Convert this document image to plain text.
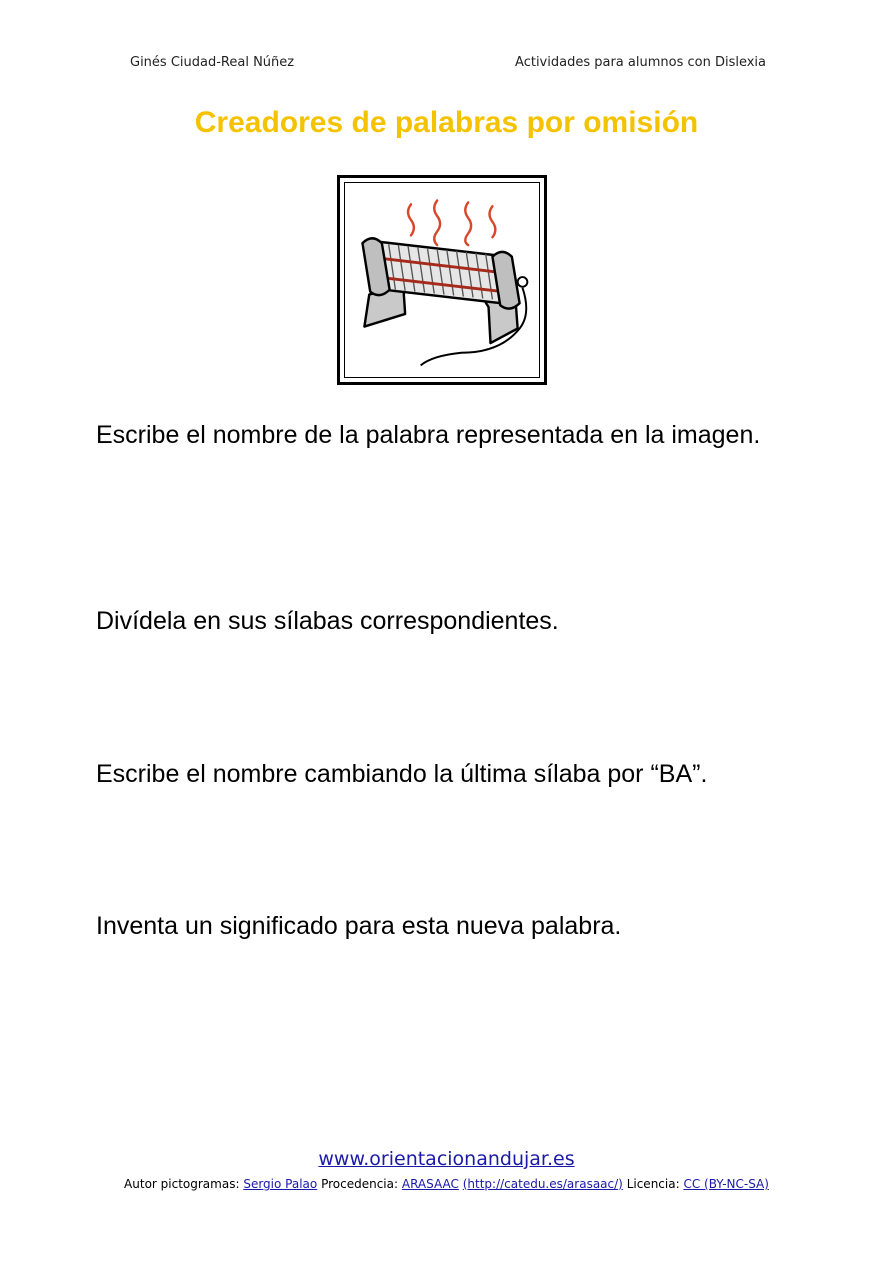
Ginés Ciudad-Real Núñez	Actividades para alumnos con Dislexia
Creadores de palabras por omisión
Escribe el nombre de la palabra representada en la imagen.
Divídela en sus sílabas correspondientes.
Escribe el nombre cambiando la última sílaba por “BA”.
Inventa un significado para esta nueva palabra.
www.orientacionandujar.es
Autor pictogramas: Sergio Palao Procedencia: ARASAAC (http://catedu.es/arasaac/) Licencia: CC (BY-NC-SA)
